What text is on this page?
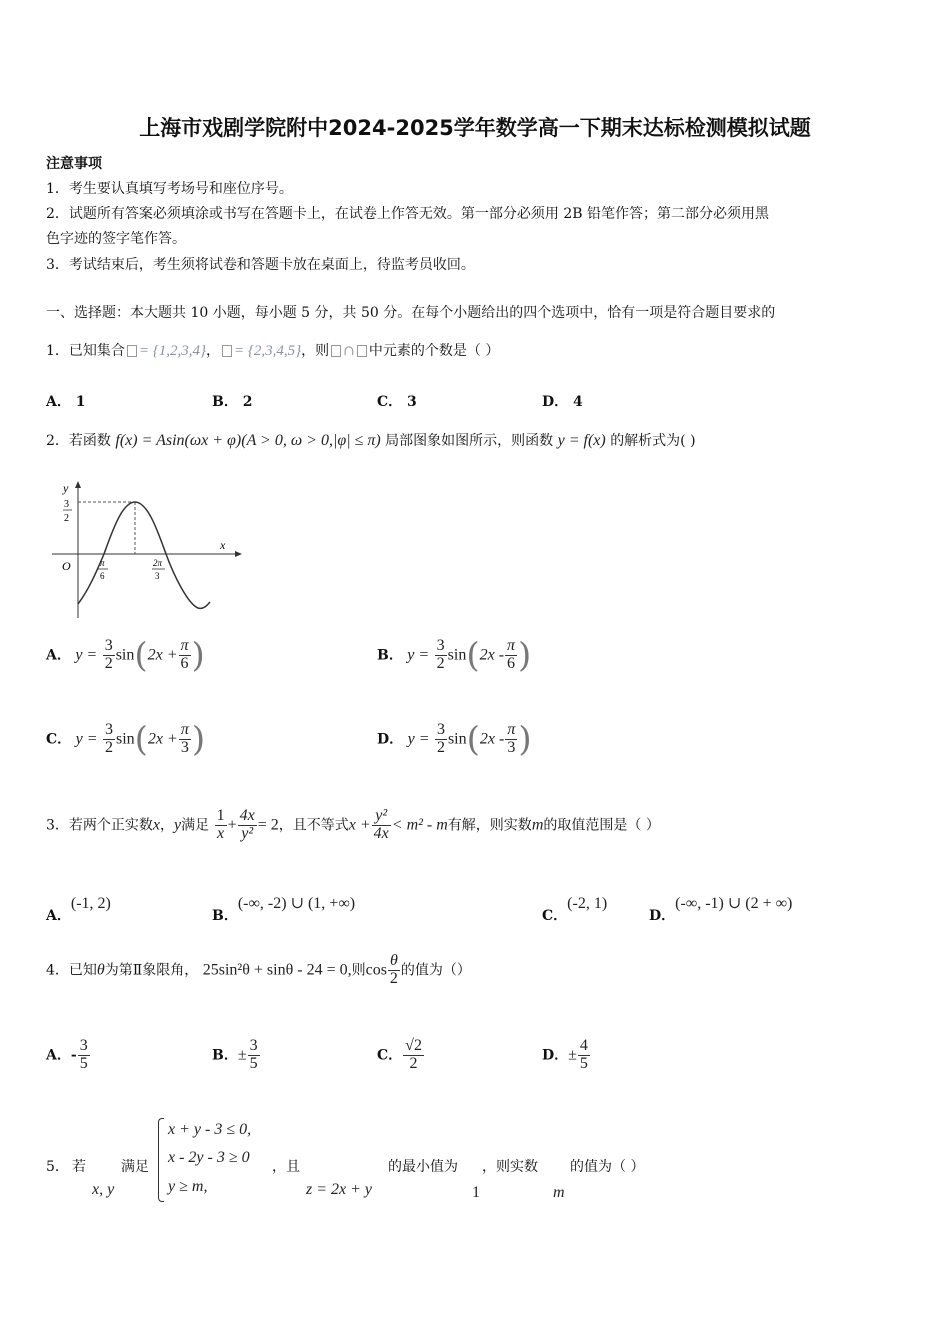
上海市戏剧学院附中2024-2025学年数学高一下期末达标检测模拟试题
注意事项
1．考生要认真填写考场号和座位序号。
2．试题所有答案必须填涂或书写在答题卡上，在试卷上作答无效。第一部分必须用 2B 铅笔作答；第二部分必须用黑
色字迹的签字笔作答。
3．考试结束后，考生须将试卷和答题卡放在桌面上，待监考员收回。
一、选择题：本大题共 10 小题，每小题 5 分，共 50 分。在每个小题给出的四个选项中，恰有一项是符合题目要求的
1．已知集合 = {1,2,3,4}， = {2,3,4,5}，则 ∩ 中元素的个数是（ ）
A． 1	B． 2	C． 3	D． 4
2．若函数 f(x) = Asin(ωx + φ)(A > 0, ω > 0,|φ| ≤ π) 局部图象如图所示，则函数 y = f(x) 的解析式为( )
y
x
O
3
2
π
6
2π
3
A． $y = \frac{3}{2} \sin(2x + \frac{\pi}{6}$ )	B． $y = \frac{3}{2} \sin(2x - \frac{\pi}{6}$ )
C． $y = \frac{3}{2} \sin(2x + \frac{\pi}{3}$ )	D． $y = \frac{3}{2} \sin(2x - \frac{\pi}{3}$ )
3．若两个正实数x，y满足 $\frac{1}{x} + \frac{4x}{\text{y²}} = 2$，且不等式$x + \frac{\text{y²}}{4x} < m^2 - m$有解，则实数m的取值范围是（ ）
A．(-1, 2)
B．(-∞, -2) ∪ (1, +∞)
C．(-2, 1)
D．(-∞, -1) ∪ (2 + ∞)
4．已知θ为第Ⅱ象限角， 25sin²θ + sinθ - 24 = 0,则$\cos \frac{\theta}{2}$ 的值为（）
A．- $\frac{3}{5}$	B．± $\frac{3}{5}$	C． $\frac{√2}{2}$	D．± $\frac{4}{5}$
5． 若
x, y
满足
x + y - 3 ≤ 0,
x - 2y - 3 ≥ 0
y ≥ m,
，且
z = 2x + y
的最小值为
1
，则实数
m
的值为（ ）
